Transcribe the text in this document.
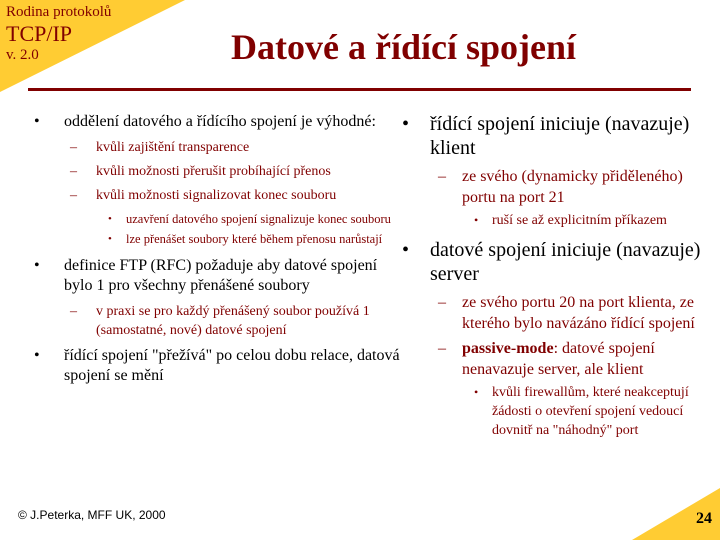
Rodina protokolů
TCP/IP
v. 2.0	Datové a řídící spojení
• oddělení datového a řídícího spojení je výhodné:
– kvůli zajištění transparence
– kvůli možnosti přerušit probíhající přenos
– kvůli možnosti signalizovat konec souboru
• uzavření datového spojení signalizuje konec souboru
• lze přenášet soubory které během přenosu narůstají
• definice FTP (RFC) požaduje aby datové spojení bylo 1 pro všechny přenášené soubory
– v praxi se pro každý přenášený soubor používá 1 (samostatné, nové) datové spojení
• řídící spojení "přežívá" po celou dobu relace, datová spojení se mění
• řídící spojení iniciuje (navazuje) klient
– ze svého (dynamicky přiděleného) portu na port 21
• ruší se až explicitním příkazem
• datové spojení iniciuje (navazuje) server
– ze svého portu 20 na port klienta, ze kterého bylo navázáno řídící spojení
– passive-mode: datové spojení nenavazuje server, ale klient
• kvůli firewallům, které neakceptují žádosti o otevření spojení vedoucí dovnitř na "náhodný" port
© J.Peterka, MFF UK, 2000	24
